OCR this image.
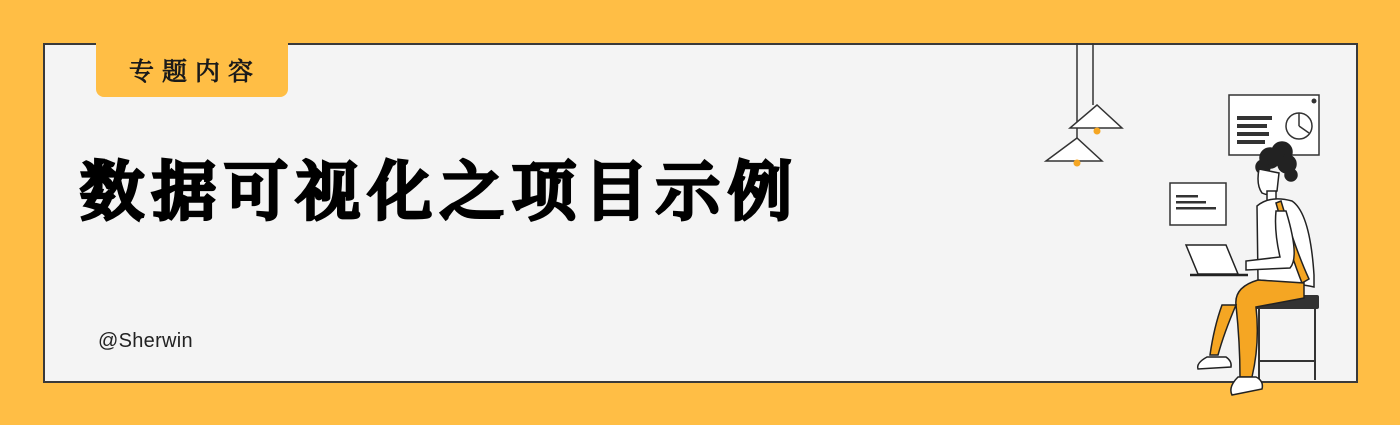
专题内容
数据可视化之项目示例
@Sherwin
